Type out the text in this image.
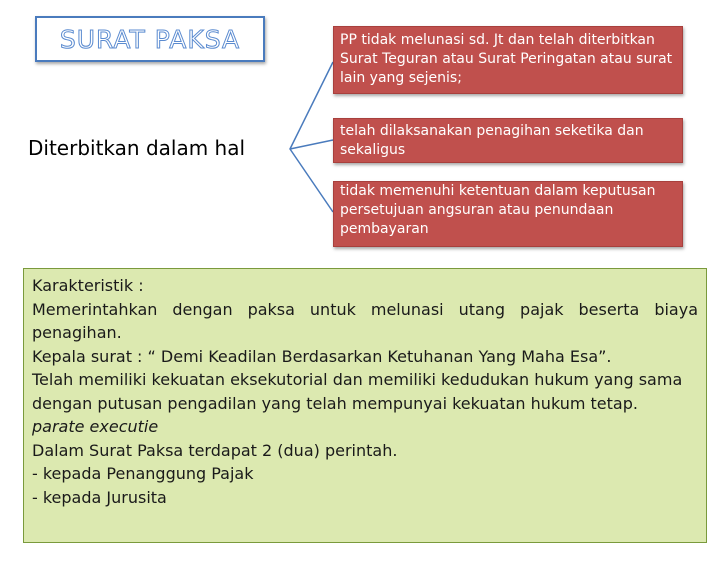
SURAT PAKSA
Diterbitkan dalam hal
PP tidak melunasi sd. Jt dan telah diterbitkan Surat Teguran atau Surat Peringatan atau surat lain yang sejenis;
telah dilaksanakan penagihan seketika dan sekaligus
tidak memenuhi ketentuan dalam keputusan persetujuan angsuran atau penundaan pembayaran

Karakteristik :

Memerintahkan dengan paksa untuk melunasi utang pajak beserta biaya

penagihan.

Kepala surat : “ Demi Keadilan Berdasarkan Ketuhanan Yang Maha Esa”.

Telah memiliki kekuatan eksekutorial dan memiliki kedudukan hukum yang sama

dengan putusan pengadilan yang telah mempunyai kekuatan hukum tetap.

parate executie

Dalam Surat Paksa terdapat 2 (dua) perintah.

- kepada Penanggung Pajak

- kepada Jurusita
